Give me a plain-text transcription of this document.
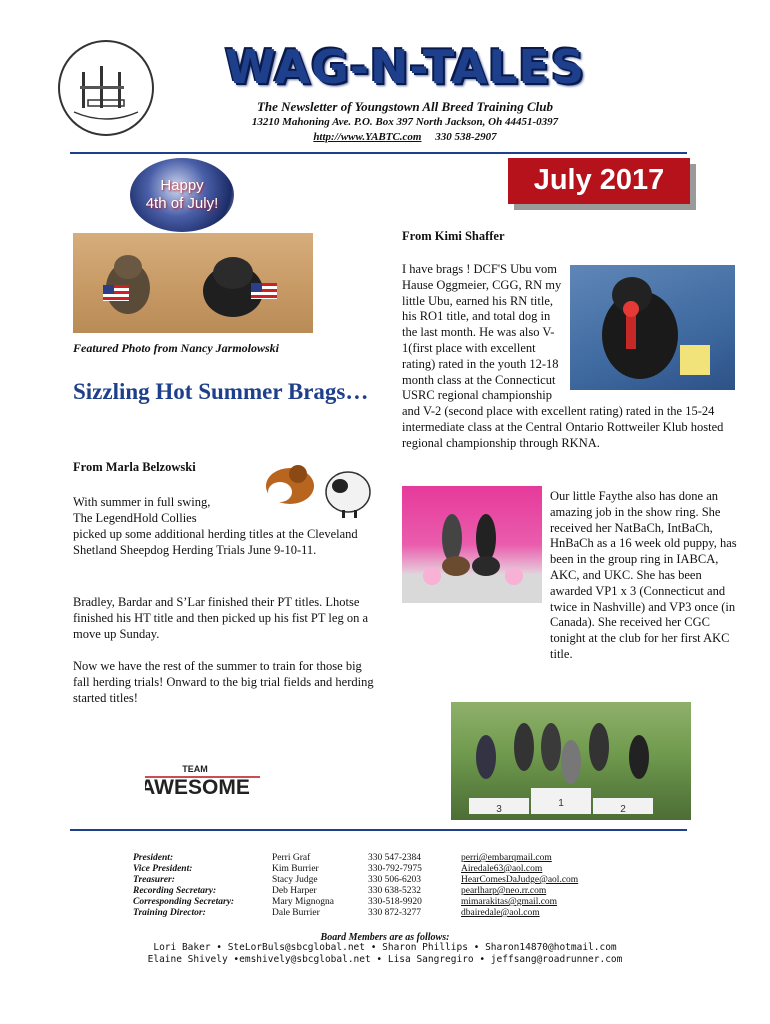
WAG-N-TALES
The Newsletter of Youngstown All Breed Training Club
13210 Mahoning Ave. P.O. Box 397 North Jackson, Oh 44451-0397
http://www.YABTC.com 330 538-2907
July 2017
Happy
4th of July!
Featured Photo from Nancy Jarmolowski
Sizzling Hot Summer Brags…
From Marla Belzowski
With summer in full swing,
The LegendHold Collies
picked up some additional herding titles at the Cleveland Shetland Sheepdog Herding Trials June 9-10-11.
Bradley, Bardar and S’Lar finished their PT titles. Lhotse finished his HT title and then picked up his fist PT leg on a move up Sunday.
Now we have the rest of the summer to train for those big fall herding trials! Onward to the big trial fields and herding started titles!
TEAM
AWESOME
From Kimi Shaffer
I have brags ! DCF'S Ubu vom Hause Oggmeier, CGG, RN my little Ubu, earned his RN title, his RO1 title, and total dog in the last month. He was also V-1(first place with excellent rating) rated in the youth 12-18 month class at the Connecticut USRC regional championship and V-2 (second place with excellent rating) rated in the 15-24 intermediate class at the Central Ontario Rottweiler Klub hosted regional championship through RKNA.
Our little Faythe also has done an amazing job in the show ring. She received her NatBaCh, IntBaCh, HnBaCh as a 16 week old puppy, has been in the group ring in IABCA, AKC, and UKC. She has been awarded VP1 x 3 (Connecticut and twice in Nashville) and VP3 once (in Canada). She received her CGC tonight at the club for her first AKC title.
3
1
2
President:	Perri Graf	330 547-2384	perri@embarqmail.com
Vice President:	Kim Burrier	330-792-7975	Airedale63@aol.com
Treasurer:	Stacy Judge	330 506-6203	HearComesDaJudge@aol.com
Recording Secretary:	Deb Harper	330 638-5232	pearlharp@neo.rr.com
Corresponding Secretary:	Mary Mignogna	330-518-9920	mimarakitas@gmail.com
Training Director:	Dale Burrier	330 872-3277	dbairedale@aol.com
Board Members are as follows:
Lori Baker • SteLorBuls@sbcglobal.net • Sharon Phillips • Sharon14870@hotmail.com
Elaine Shively •emshively@sbcglobal.net • Lisa Sangregiro • jeffsang@roadrunner.com
